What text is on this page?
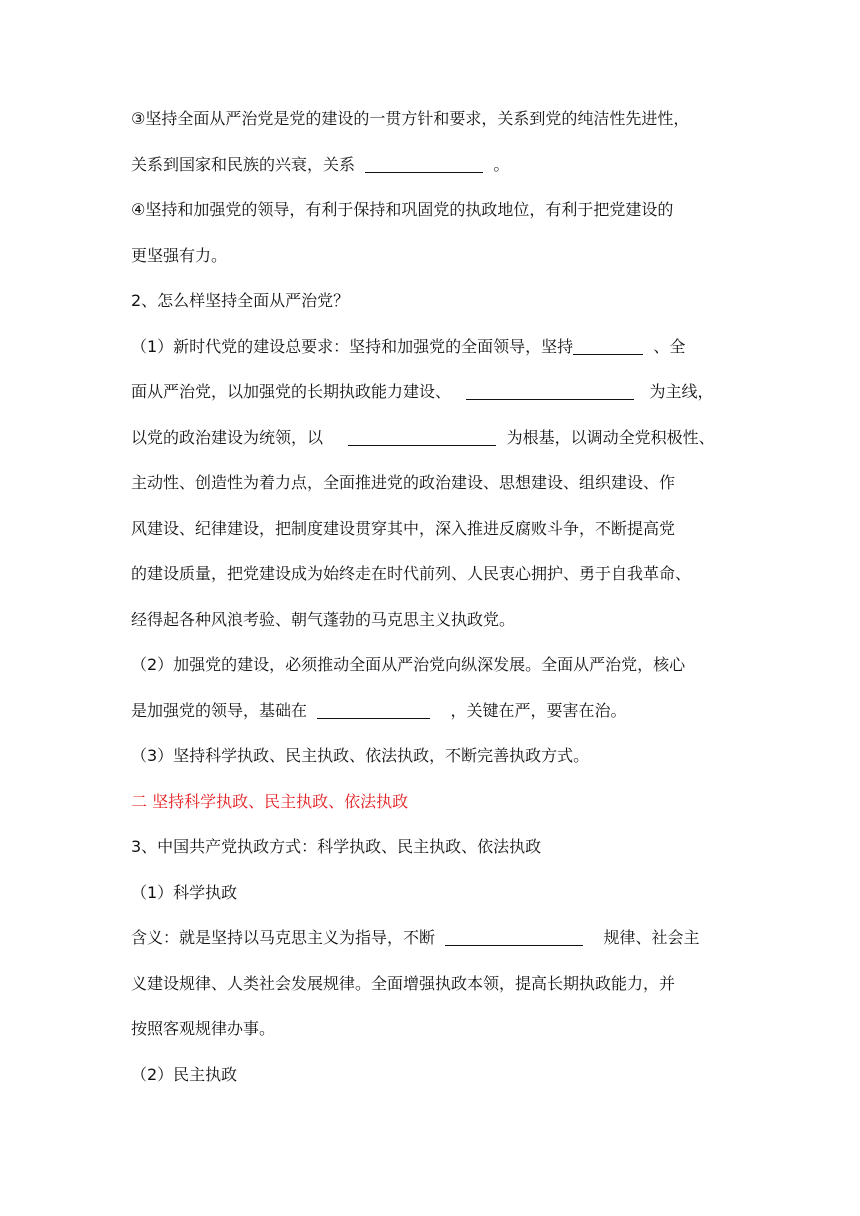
③坚持全面从严治党是党的建设的一贯方针和要求，关系到党的纯洁性先进性，
关系到国家和民族的兴衰，关系	。
④坚持和加强党的领导，有利于保持和巩固党的执政地位，有利于把党建设的
更坚强有力。
2、怎么样坚持全面从严治党？
（1）新时代党的建设总要求：坚持和加强党的全面领导，坚持	、全
面从严治党，以加强党的长期执政能力建设、	为主线，
以党的政治建设为统领，以	为根基，以调动全党积极性、
主动性、创造性为着力点，全面推进党的政治建设、思想建设、组织建设、作
风建设、纪律建设，把制度建设贯穿其中，深入推进反腐败斗争，不断提高党
的建设质量，把党建设成为始终走在时代前列、人民衷心拥护、勇于自我革命、
经得起各种风浪考验、朝气蓬勃的马克思主义执政党。
（2）加强党的建设，必须推动全面从严治党向纵深发展。全面从严治党，核心
是加强党的领导，基础在	，关键在严，要害在治。
（3）坚持科学执政、民主执政、依法执政，不断完善执政方式。
二 坚持科学执政、民主执政、依法执政
3、中国共产党执政方式：科学执政、民主执政、依法执政
（1）科学执政
含义：就是坚持以马克思主义为指导，不断	规律、社会主
义建设规律、人类社会发展规律。全面增强执政本领，提高长期执政能力，并
按照客观规律办事。
（2）民主执政
